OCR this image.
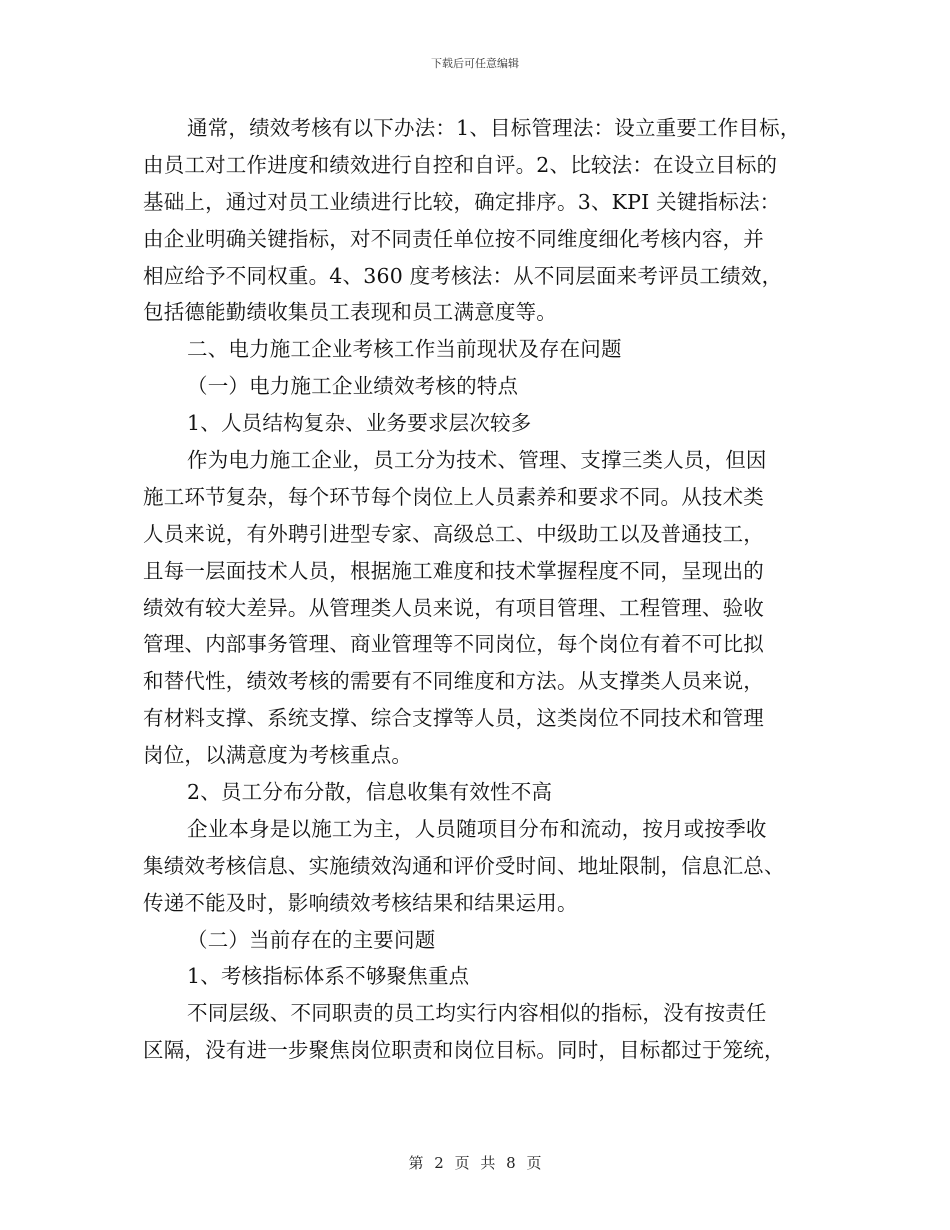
下载后可任意编辑
通常，绩效考核有以下办法：1、目标管理法：设立重要工作目标，
由员工对工作进度和绩效进行自控和自评。2、比较法：在设立目标的
基础上，通过对员工业绩进行比较，确定排序。3、KPI 关键指标法：
由企业明确关键指标，对不同责任单位按不同维度细化考核内容，并
相应给予不同权重。4、360 度考核法：从不同层面来考评员工绩效，
包括德能勤绩收集员工表现和员工满意度等。
二、电力施工企业考核工作当前现状及存在问题
（一）电力施工企业绩效考核的特点
1、人员结构复杂、业务要求层次较多
作为电力施工企业，员工分为技术、管理、支撑三类人员，但因
施工环节复杂，每个环节每个岗位上人员素养和要求不同。从技术类
人员来说，有外聘引进型专家、高级总工、中级助工以及普通技工，
且每一层面技术人员，根据施工难度和技术掌握程度不同，呈现出的
绩效有较大差异。从管理类人员来说，有项目管理、工程管理、验收
管理、内部事务管理、商业管理等不同岗位，每个岗位有着不可比拟
和替代性，绩效考核的需要有不同维度和方法。从支撑类人员来说，
有材料支撑、系统支撑、综合支撑等人员，这类岗位不同技术和管理
岗位，以满意度为考核重点。
2、员工分布分散，信息收集有效性不高
企业本身是以施工为主，人员随项目分布和流动，按月或按季收
集绩效考核信息、实施绩效沟通和评价受时间、地址限制，信息汇总、
传递不能及时，影响绩效考核结果和结果运用。
（二）当前存在的主要问题
1、考核指标体系不够聚焦重点
不同层级、不同职责的员工均实行内容相似的指标，没有按责任
区隔，没有进一步聚焦岗位职责和岗位目标。同时，目标都过于笼统，
第 2 页 共 8 页
